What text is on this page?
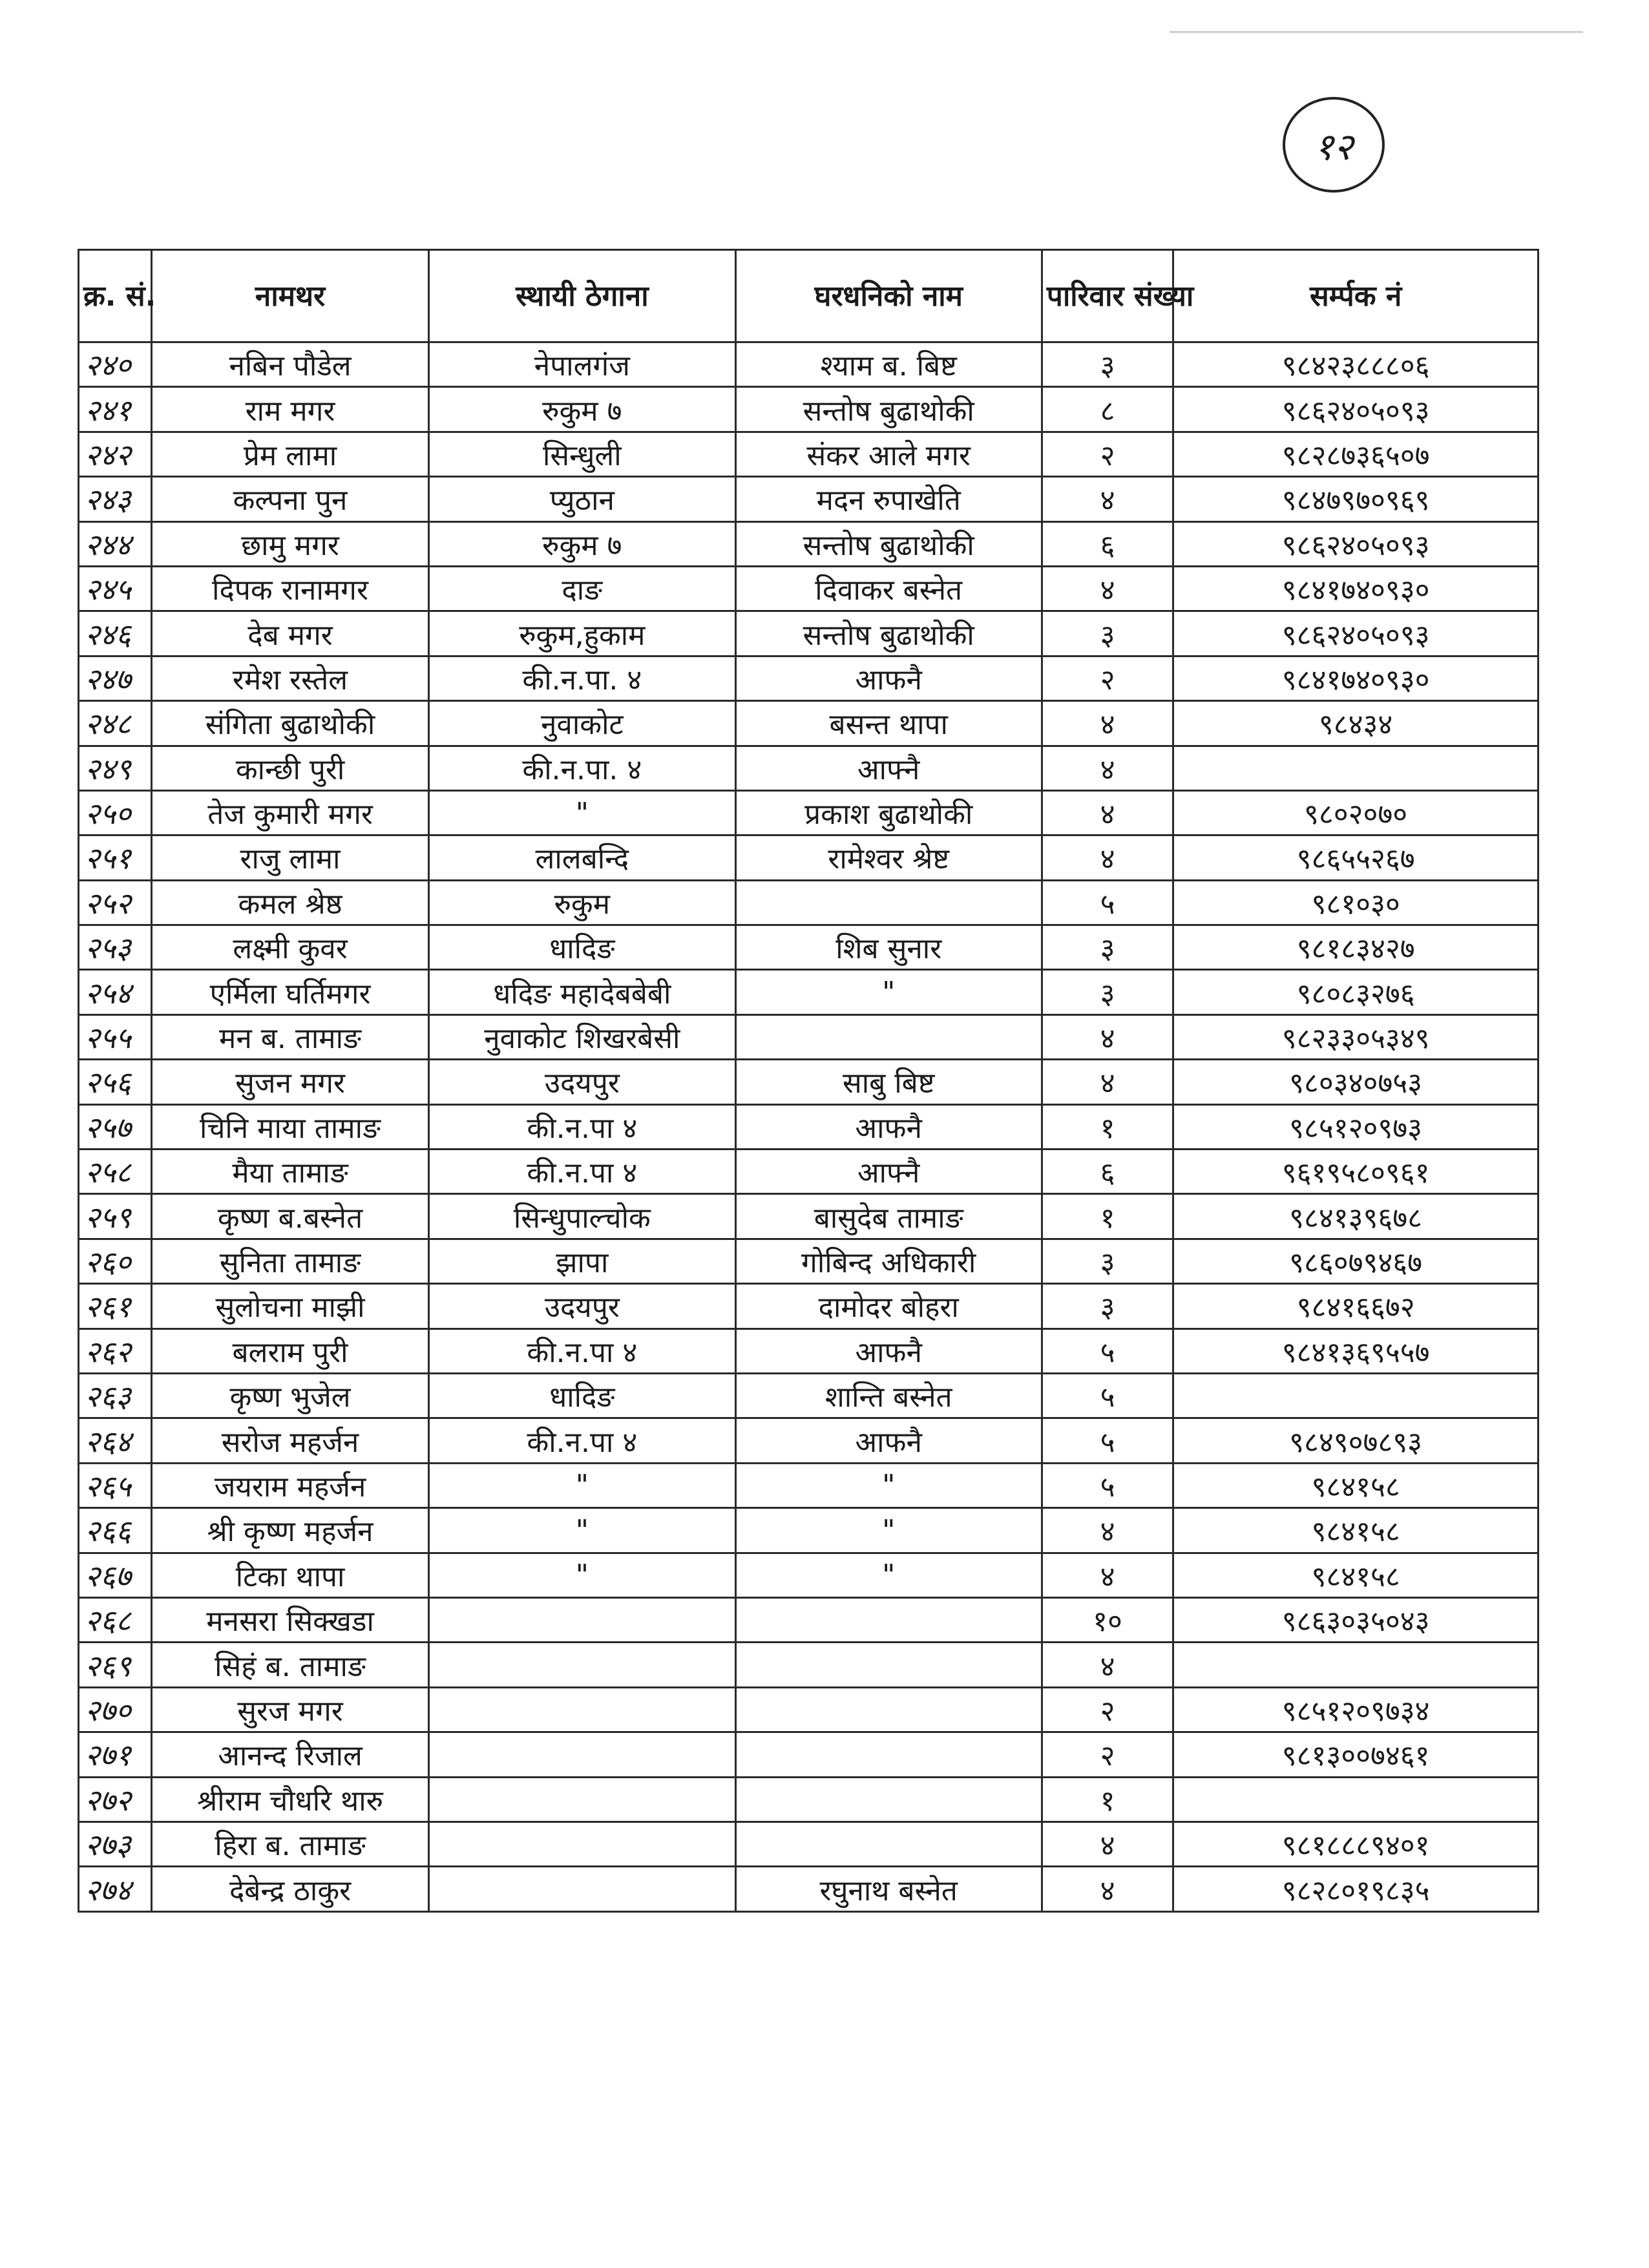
१२
क्र. सं.	नामथर	स्थायी ठेगाना	घरधनिको नाम	पारिवार संख्या	सर्म्पक नं
२४०	नबिन पौडेल	नेपालगंज	श्याम ब. बिष्ट	३	९८४२३८८८०६
२४१	राम मगर	रुकुम ७	सन्तोष बुढाथोकी	८	९८६२४०५०९३
२४२	प्रेम लामा	सिन्धुली	संकर आले मगर	२	९८२८७३६५०७
२४३	कल्पना पुन	प्युठान	मदन रुपाखेति	४	९८४७९७०९६९
२४४	छामु मगर	रुकुम ७	सन्तोष बुढाथोकी	६	९८६२४०५०९३
२४५	दिपक रानामगर	दाङ	दिवाकर बस्नेत	४	९८४१७४०९३०
२४६	देब मगर	रुकुम,हुकाम	सन्तोष बुढाथोकी	३	९८६२४०५०९३
२४७	रमेश रस्तेल	की.न.पा. ४	आफनै	२	९८४१७४०९३०
२४८	संगिता बुढाथोकी	नुवाकोट	बसन्त थापा	४	९८४३४
२४९	कान्छी पुरी	की.न.पा. ४	आफ्नै	४	
२५०	तेज कुमारी मगर	"	प्रकाश बुढाथोकी	४	९८०२०७०
२५१	राजु लामा	लालबन्दि	रामेश्वर श्रेष्ट	४	९८६५५२६७
२५२	कमल श्रेष्ठ	रुकुम		५	९८१०३०
२५३	लक्ष्मी कुवर	धादिङ	शिब सुनार	३	९८१८३४२७
२५४	एर्मिला घर्तिमगर	धदिङ महादेबबेबी	"	३	९८०८३२७६
२५५	मन ब. तामाङ	नुवाकोट शिखरबेसी		४	९८२३३०५३४९
२५६	सुजन मगर	उदयपुर	साबु बिष्ट	४	९८०३४०७५३
२५७	चिनि माया तामाङ	की.न.पा ४	आफनै	१	९८५१२०९७३
२५८	मैया तामाङ	की.न.पा ४	आफ्नै	६	९६१९५८०९६१
२५९	कृष्ण ब.बस्नेत	सिन्धुपाल्चोक	बासुदेब तामाङ	१	९८४१३९६७८
२६०	सुनिता तामाङ	झापा	गोबिन्द अधिकारी	३	९८६०७९४६७
२६१	सुलोचना माझी	उदयपुर	दामोदर बोहरा	३	९८४१६६७२
२६२	बलराम पुरी	की.न.पा ४	आफनै	५	९८४१३६९५५७
२६३	कृष्ण भुजेल	धादिङ	शान्ति बस्नेत	५	
२६४	सरोज महर्जन	की.न.पा ४	आफनै	५	९८४९०७८९३
२६५	जयराम महर्जन	"	"	५	९८४१५८
२६६	श्री कृष्ण महर्जन	"	"	४	९८४१५८
२६७	टिका थापा	"	"	४	९८४१५८
२६८	मनसरा सिक्खडा			१०	९८६३०३५०४३
२६९	सिहं ब. तामाङ			४	
२७०	सुरज मगर			२	९८५१२०९७३४
२७१	आनन्द रिजाल			२	९८१३००७४६१
२७२	श्रीराम चौधरि थारु			१	
२७३	हिरा ब. तामाङ			४	९८१८८८९४०१
२७४	देबेन्द्र ठाकुर		रघुनाथ बस्नेत	४	९८२८०१९८३५
